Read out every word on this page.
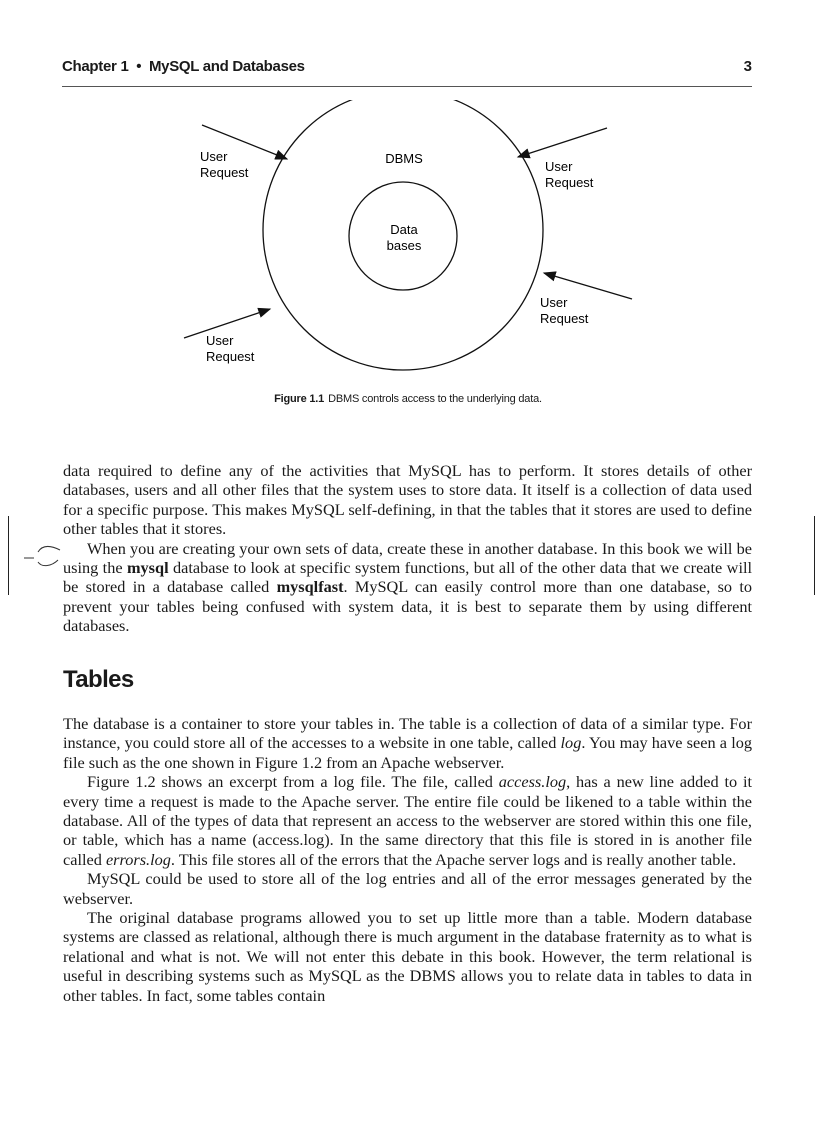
Chapter 1 • MySQL and Databases	3
DBMS
Data
bases
User
Request	User
Request
User
Request
User
Request
Figure 1.1 DBMS controls access to the underlying data.

data required to define any of the activities that MySQL has to perform. It stores details of other databases, users and all other files that the system uses to store data. It itself is a collection of data used for a specific purpose. This makes MySQL self-defining, in that the tables that it stores are used to define other tables that it stores.

When you are creating your own sets of data, create these in another database. In this book we will be using the mysql database to look at specific system functions, but all of the other data that we create will be stored in a database called mysqlfast. MySQL can easily control more than one database, so to prevent your tables being confused with system data, it is best to separate them by using different databases.

Tables

The database is a container to store your tables in. The table is a collection of data of a similar type. For instance, you could store all of the accesses to a website in one table, called log. You may have seen a log file such as the one shown in Figure 1.2 from an Apache webserver.

Figure 1.2 shows an excerpt from a log file. The file, called access.log, has a new line added to it every time a request is made to the Apache server. The entire file could be likened to a table within the database. All of the types of data that represent an access to the webserver are stored within this one file, or table, which has a name (access.log). In the same directory that this file is stored in is another file called errors.log. This file stores all of the errors that the Apache server logs and is really another table.

MySQL could be used to store all of the log entries and all of the error messages generated by the webserver.

The original database programs allowed you to set up little more than a table. Modern database systems are classed as relational, although there is much argument in the database fraternity as to what is relational and what is not. We will not enter this debate in this book. However, the term relational is useful in describing systems such as MySQL as the DBMS allows you to relate data in tables to data in other tables. In fact, some tables contain
